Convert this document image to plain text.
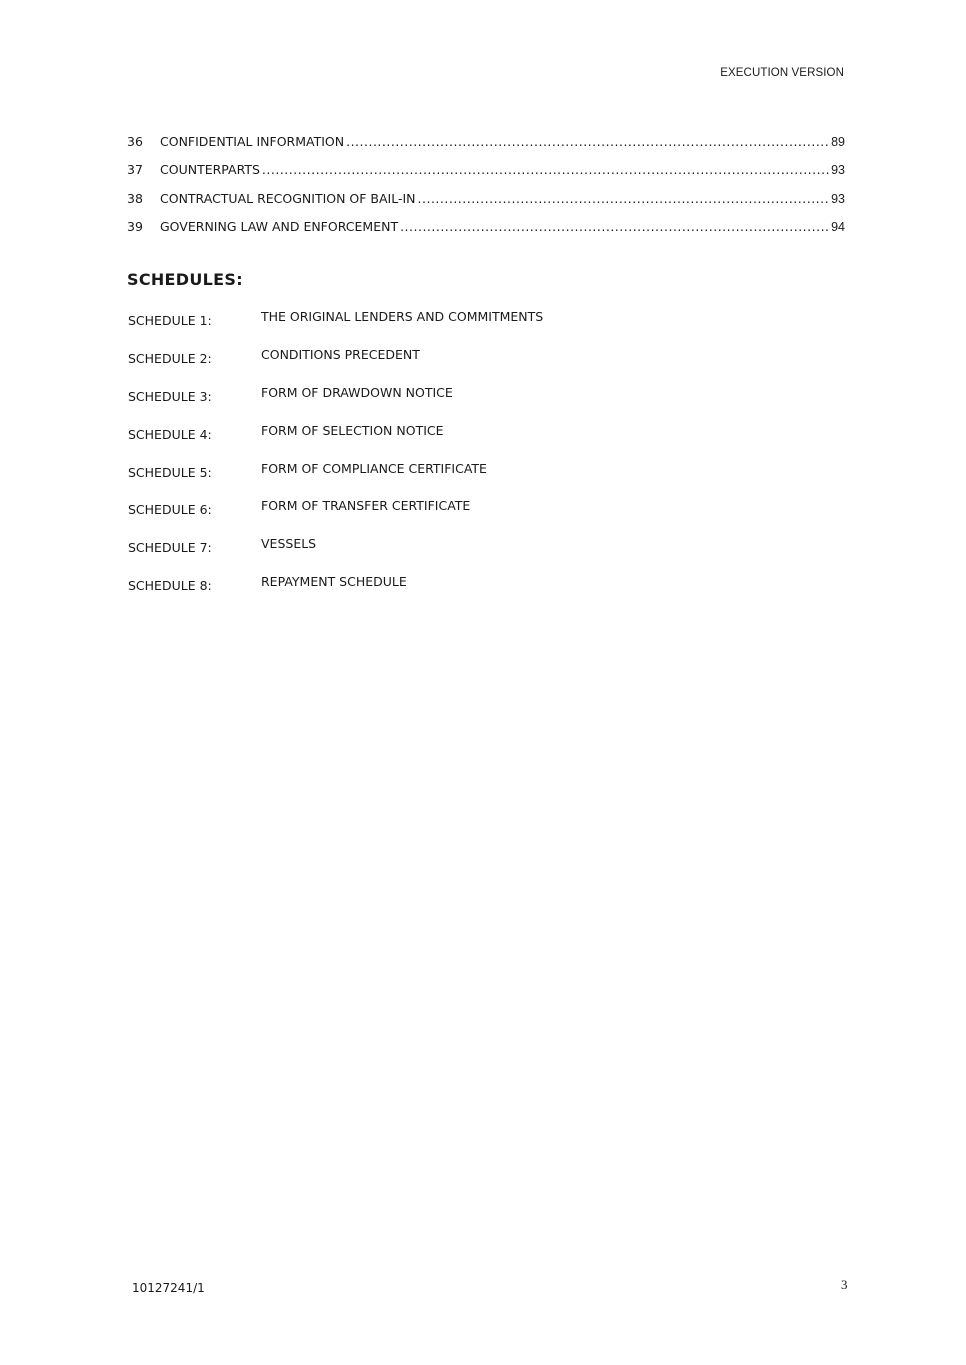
EXECUTION VERSION
36	CONFIDENTIAL INFORMATION .....	89
37	COUNTERPARTS .....	93
38	CONTRACTUAL RECOGNITION OF BAIL-IN .....	93
39	GOVERNING LAW AND ENFORCEMENT .....	94
SCHEDULES:
SCHEDULE 1:	THE ORIGINAL LENDERS AND COMMITMENTS
SCHEDULE 2:	CONDITIONS PRECEDENT
SCHEDULE 3:	FORM OF DRAWDOWN NOTICE
SCHEDULE 4:	FORM OF SELECTION NOTICE
SCHEDULE 5:	FORM OF COMPLIANCE CERTIFICATE
SCHEDULE 6:	FORM OF TRANSFER CERTIFICATE
SCHEDULE 7:	VESSELS
SCHEDULE 8:	REPAYMENT SCHEDULE
10127241/1	3
